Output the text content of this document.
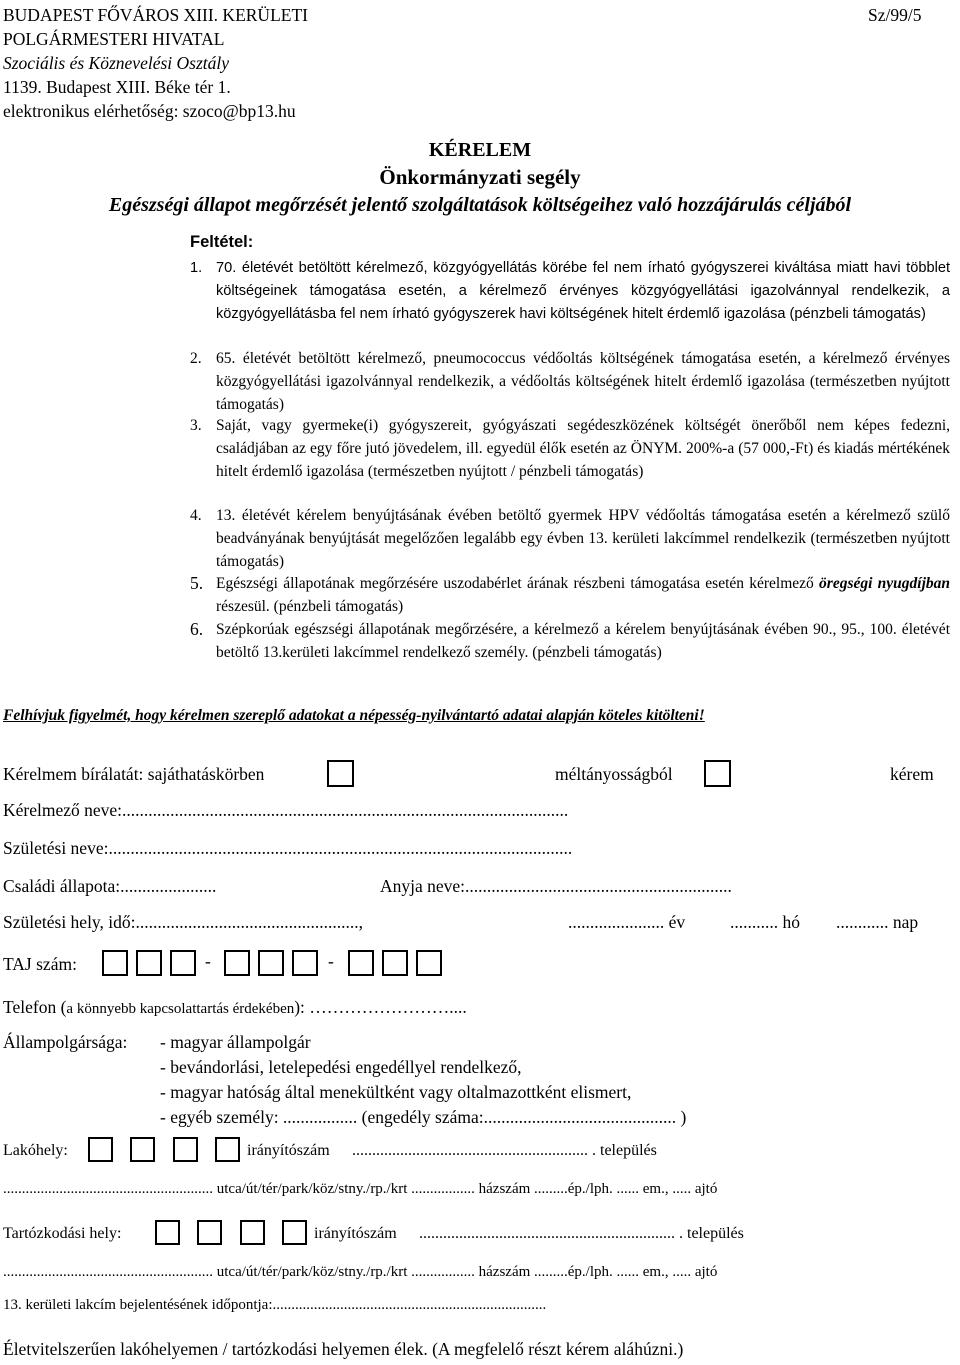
BUDAPEST FŐVÁROS XIII. KERÜLETI
POLGÁRMESTERI HIVATAL
Szociális és Köznevelési Osztály
1139. Budapest XIII. Béke tér 1.
elektronikus elérhetőség: szoco@bp13.hu
Sz/99/5
KÉRELEM
Önkormányzati segély
Egészségi állapot megőrzését jelentő szolgáltatások költségeihez való hozzájárulás céljából
Feltétel:
1. 70. életévét betöltött kérelmező, közgyógyellátás körébe fel nem írható gyógyszerei kiváltása miatt havi többlet költségeinek támogatása esetén, a kérelmező érvényes közgyógyellátási igazolvánnyal rendelkezik, a közgyógyellátásba fel nem írható gyógyszerek havi költségének hitelt érdemlő igazolása (pénzbeli támogatás)
2. 65. életévét betöltött kérelmező, pneumococcus védőoltás költségének támogatása esetén, a kérelmező érvényes közgyógyellátási igazolvánnyal rendelkezik, a védőoltás költségének hitelt érdemlő igazolása (természetben nyújtott támogatás)
3. Saját, vagy gyermeke(i) gyógyszereit, gyógyászati segédeszközének költségét önerőből nem képes fedezni, családjában az egy főre jutó jövedelem, ill. egyedül élők esetén az ÖNYM. 200%-a (57 000,-Ft) és kiadás mértékének hitelt érdemlő igazolása (természetben nyújtott / pénzbeli támogatás)
4. 13. életévét kérelem benyújtásának évében betöltő gyermek HPV védőoltás támogatása esetén a kérelmező szülő beadványának benyújtását megelőzően legalább egy évben 13. kerületi lakcímmel rendelkezik (természetben nyújtott támogatás)
5. Egészségi állapotának megőrzésére uszodabérlet árának részbeni támogatása esetén kérelmező öregségi nyugdíjban részesül. (pénzbeli támogatás)
6. Szépkorúak egészségi állapotának megőrzésére, a kérelmező a kérelem benyújtásának évében 90., 95., 100. életévét betöltő 13.kerületi lakcímmel rendelkező személy. (pénzbeli támogatás)
Felhívjuk figyelmét, hogy kérelmen szereplő adatokat a népesség-nyilvántartó adatai alapján köteles kitölteni!
Kérelmem bírálatát: sajáthatáskörben	méltányosságból	kérem
Kérelmező neve:......................................................................................................
Születési neve:..........................................................................................................
Családi állapota:......................	Anyja neve:.............................................................
Születési hely, idő:...................................................,	...................... év	........... hó ............ nap
TAJ szám:	-	-
Telefon (a könnyebb kapcsolattartás érdekében): ……………………....
Állampolgársága: - magyar állampolgár
- bevándorlási, letelepedési engedéllyel rendelkező,
- magyar hatóság által menekültként vagy oltalmazottként elismert,
- egyéb személy: ................. (engedély száma:............................................ )
Lakóhely:	irányítószám ........................................................... . település
........................................................ utca/út/tér/park/köz/stny./rp./krt ................. házszám .........ép./lph. ...... em., ..... ajtó
Tartózkodási hely:	irányítószám ................................................................ . település
........................................................ utca/út/tér/park/köz/stny./rp./krt ................. házszám .........ép./lph. ...... em., ..... ajtó
13. kerületi lakcím bejelentésének időpontja:.........................................................................
Életvitelszerűen lakóhelyemen / tartózkodási helyemen élek. (A megfelelő részt kérem aláhúzni.)
